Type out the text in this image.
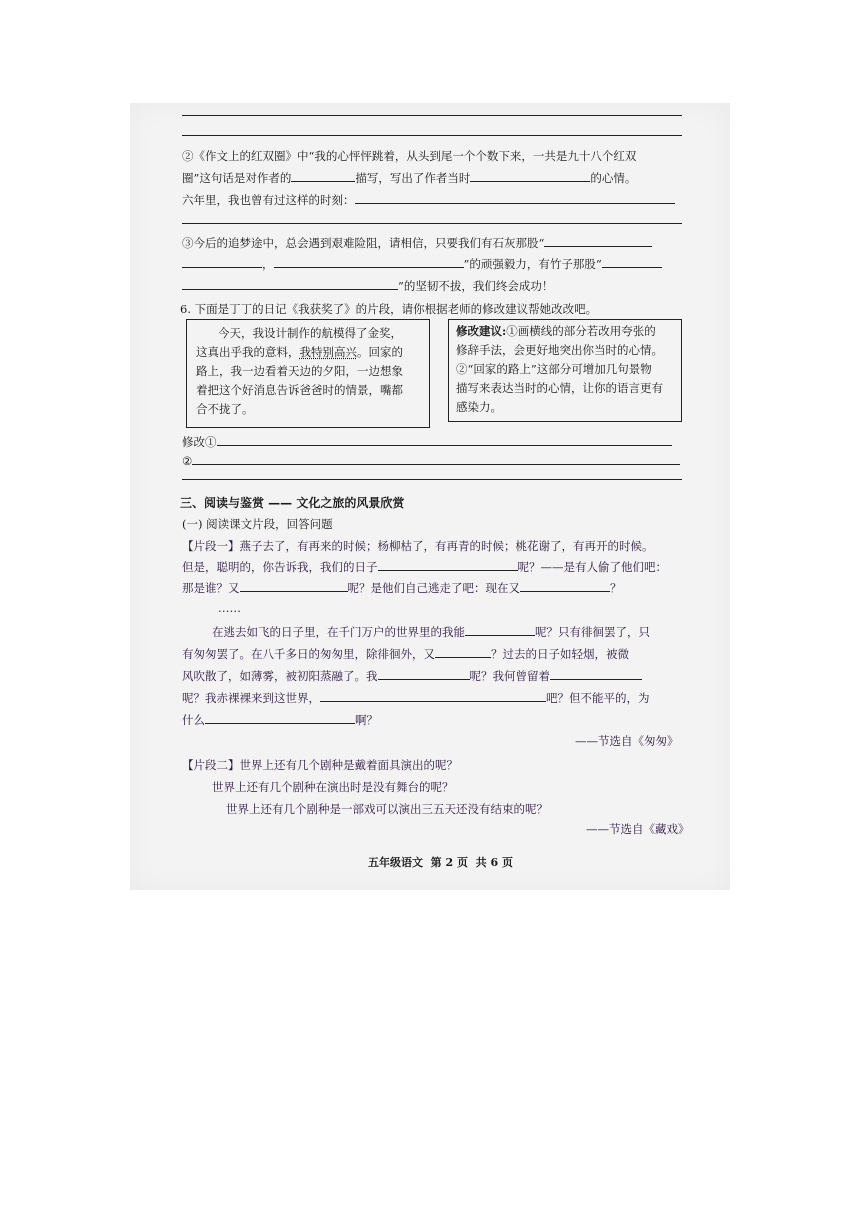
②《作文上的红双圈》中“我的心怦怦跳着，从头到尾一个个数下来，一共是九十八个红双
圈”这句话是对作者的	描写，写出了作者当时	的心情。
六年里，我也曾有过这样的时刻：
③今后的追梦途中，总会遇到艰难险阻，请相信，只要我们有石灰那股“
，	”的顽强毅力，有竹子那股“
”的坚韧不拔，我们终会成功！
6. 下面是丁丁的日记《我获奖了》的片段，请你根据老师的修改建议帮她改改吧。
今天，我设计制作的航模得了金奖，
这真出乎我的意料，我特别高兴。回家的
路上，我一边看着天边的夕阳，一边想象
着把这个好消息告诉爸爸时的情景，嘴都
合不拢了。
修改建议:①画横线的部分若改用夸张的
修辞手法，会更好地突出你当时的心情。
②“回家的路上”这部分可增加几句景物
描写来表达当时的心情，让你的语言更有
感染力。
修改①
②
三、阅读与鉴赏 —— 文化之旅的风景欣赏
(一) 阅读课文片段，回答问题
【片段一】燕子去了，有再来的时候；杨柳枯了，有再青的时候；桃花谢了，有再开的时候。
但是，聪明的，你告诉我，我们的日子	呢？——是有人偷了他们吧：
那是谁？又	呢？是他们自己逃走了吧：现在又	？
……
在逃去如飞的日子里，在千门万户的世界里的我能	呢？只有徘徊罢了，只
有匆匆罢了。在八千多日的匆匆里，除徘徊外，又	？过去的日子如轻烟，被微
风吹散了，如薄雾，被初阳蒸融了。我	呢？我何曾留着
呢？我赤裸裸来到这世界，	吧？但不能平的，为
什么	啊？
——节选自《匆匆》
【片段二】世界上还有几个剧种是戴着面具演出的呢？
世界上还有几个剧种在演出时是没有舞台的呢？
世界上还有几个剧种是一部戏可以演出三五天还没有结束的呢？
——节选自《藏戏》
五年级语文  第 2 页  共 6 页
